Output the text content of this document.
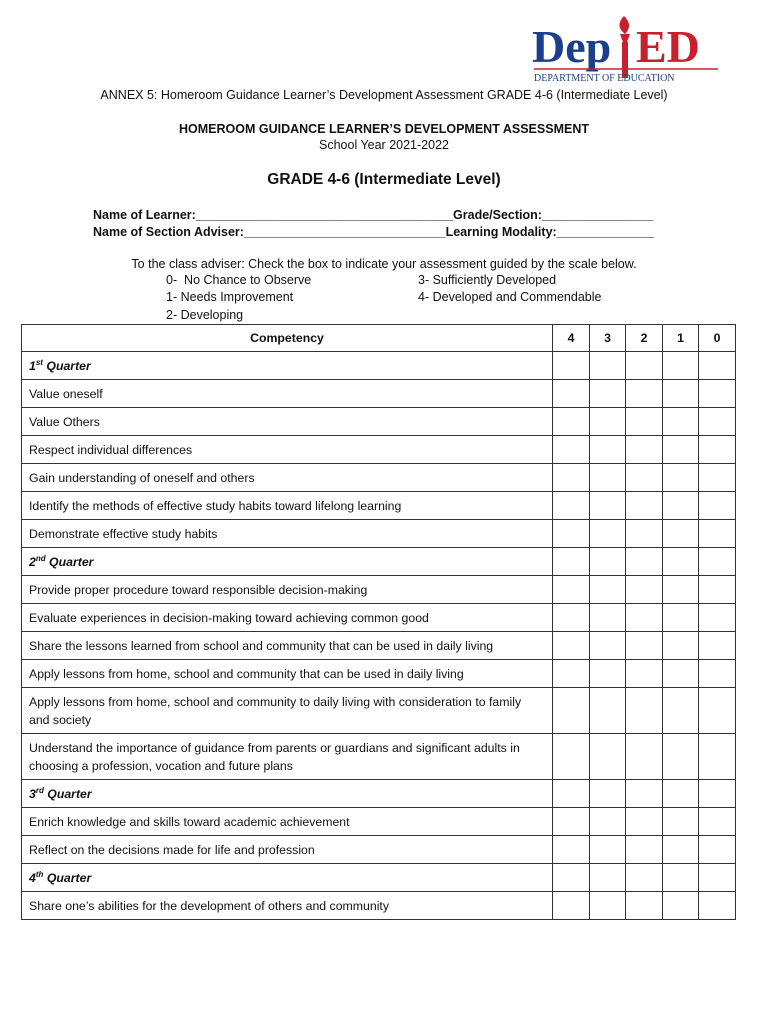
Dep ED
DEPARTMENT OF EDUCATION
ANNEX 5: Homeroom Guidance Learner’s Development Assessment GRADE 4-6 (Intermediate Level)
HOMEROOM GUIDANCE LEARNER’S DEVELOPMENT ASSESSMENT
School Year 2021-2022
GRADE 4-6 (Intermediate Level)
Name of Learner:_____________________________________Grade/Section:________________
Name of Section Adviser:_____________________________Learning Modality:______________
To the class adviser: Check the box to indicate your assessment guided by the scale below.
0-  No Chance to Observe
1- Needs Improvement
2- Developing
3- Sufficiently Developed
4- Developed and Commendable
Competency	4	3	2	1	0
1st Quarter					
Value oneself					
Value Others					
Respect individual differences					
Gain understanding of oneself and others					
Identify the methods of effective study habits toward lifelong learning					
Demonstrate effective study habits					
2nd Quarter					
Provide proper procedure toward responsible decision-making					
Evaluate experiences in decision-making toward achieving common good					
Share the lessons learned from school and community that can be used in daily living					
Apply lessons from home, school and community that can be used in daily living					
Apply lessons from home, school and community to daily living with consideration to family and society					
Understand the importance of guidance from parents or guardians and significant adults in choosing a profession, vocation and future plans					
3rd Quarter					
Enrich knowledge and skills toward academic achievement					
Reflect on the decisions made for life and profession					
4th Quarter					
Share one’s abilities for the development of others and community					
